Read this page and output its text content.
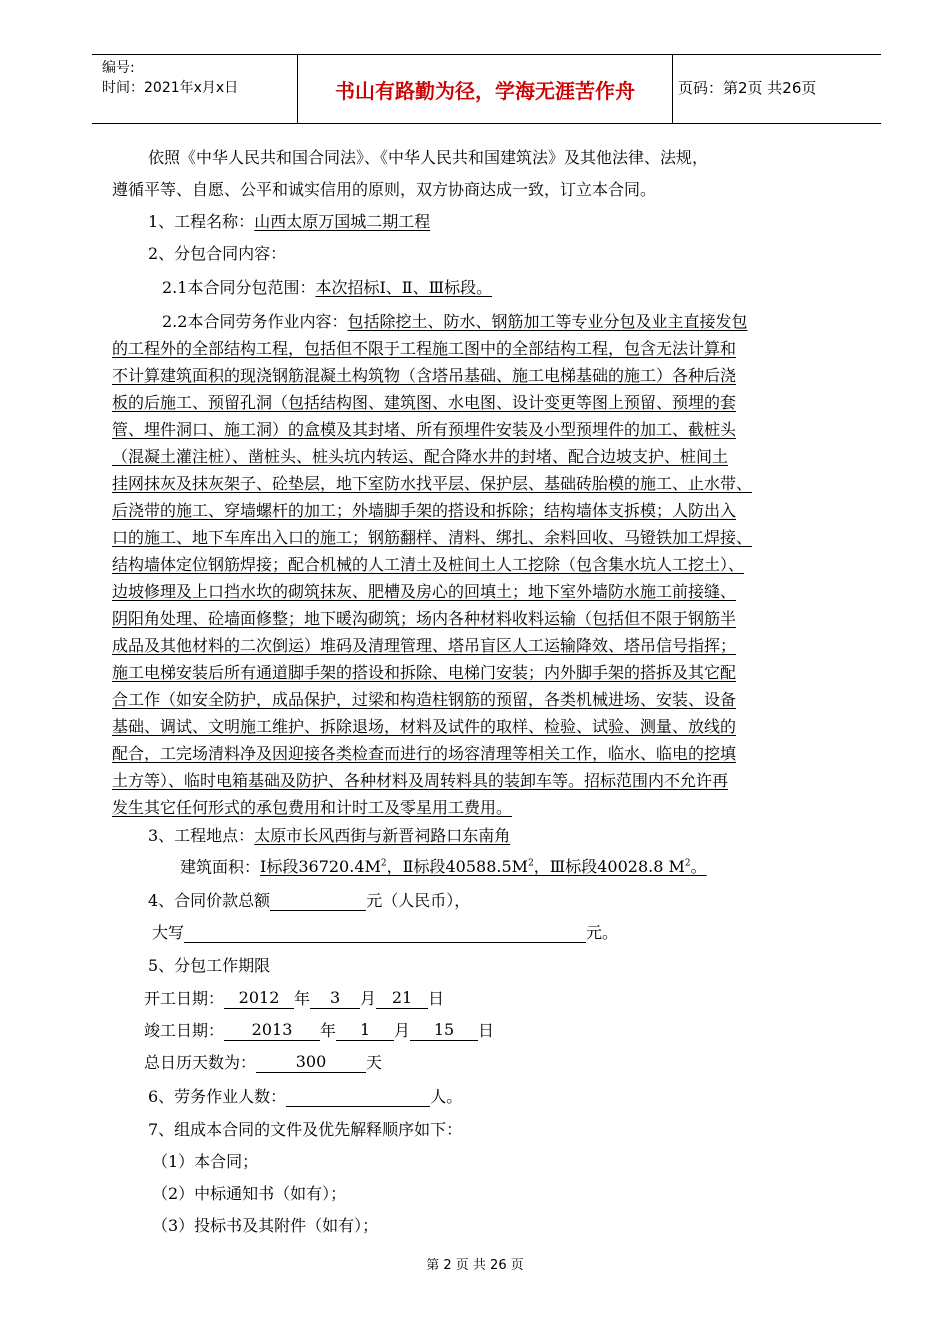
编号:
时间：2021年x月x日	书山有路勤为径，学海无涯苦作舟	页码：第2页 共26页
依照《中华人民共和国合同法》、《中华人民共和国建筑法》及其他法律、法规，
遵循平等、自愿、公平和诚实信用的原则，双方协商达成一致，订立本合同。
1、工程名称：山西太原万国城二期工程
2、分包合同内容：
2.1本合同分包范围：本次招标Ⅰ、Ⅱ、Ⅲ标段。
2.2本合同劳务作业内容：包括除挖土、防水、钢筋加工等专业分包及业主直接发包
的工程外的全部结构工程，包括但不限于工程施工图中的全部结构工程，包含无法计算和
不计算建筑面积的现浇钢筋混凝土构筑物（含塔吊基础、施工电梯基础的施工）各种后浇
板的后施工、预留孔洞（包括结构图、建筑图、水电图、设计变更等图上预留、预埋的套
管、埋件洞口、施工洞）的盒模及其封堵、所有预埋件安装及小型预埋件的加工、截桩头
（混凝土灌注桩）、凿桩头、桩头坑内转运、配合降水井的封堵、配合边坡支护、桩间土
挂网抹灰及抹灰架子、砼垫层，地下室防水找平层、保护层、基础砖胎模的施工、止水带、
后浇带的施工、穿墙螺杆的加工；外墙脚手架的搭设和拆除；结构墙体支拆模；人防出入
口的施工、地下车库出入口的施工；钢筋翻样、清料、绑扎、余料回收、马镫铁加工焊接、
结构墙体定位钢筋焊接；配合机械的人工清土及桩间土人工挖除（包含集水坑人工挖土）、
边坡修理及上口挡水坎的砌筑抹灰、肥槽及房心的回填土；地下室外墙防水施工前接缝、
阴阳角处理、砼墙面修整；地下暖沟砌筑；场内各种材料收料运输（包括但不限于钢筋半
成品及其他材料的二次倒运）堆码及清理管理、塔吊盲区人工运输降效、塔吊信号指挥；
施工电梯安装后所有通道脚手架的搭设和拆除、电梯门安装；内外脚手架的搭拆及其它配
合工作（如安全防护，成品保护，过梁和构造柱钢筋的预留，各类机械进场、安装、设备
基础、调试、文明施工维护、拆除退场，材料及试件的取样、检验、试验、测量、放线的
配合，工完场清料净及因迎接各类检查而进行的场容清理等相关工作，临水、临电的挖填
土方等）、临时电箱基础及防护、各种材料及周转料具的装卸车等。招标范围内不允许再
发生其它任何形式的承包费用和计时工及零星用工费用。
3、工程地点：太原市长风西街与新晋祠路口东南角
建筑面积：Ⅰ标段$36720.4M^2$，Ⅱ标段$40588.5M^2$，Ⅲ标段40028.8 $M^2$。
4、合同价款总额	元（人民币），
大写	元。
5、分包工作期限
开工日期： 2012 年 3 月 21 日
竣工日期： 2013 年 1 月 15 日
总日历天数为： 300 天
6、劳务作业人数：	人。
7、组成本合同的文件及优先解释顺序如下：
（1）本合同；
（2）中标通知书（如有）；
（3）投标书及其附件（如有）；
第 2 页 共 26 页
